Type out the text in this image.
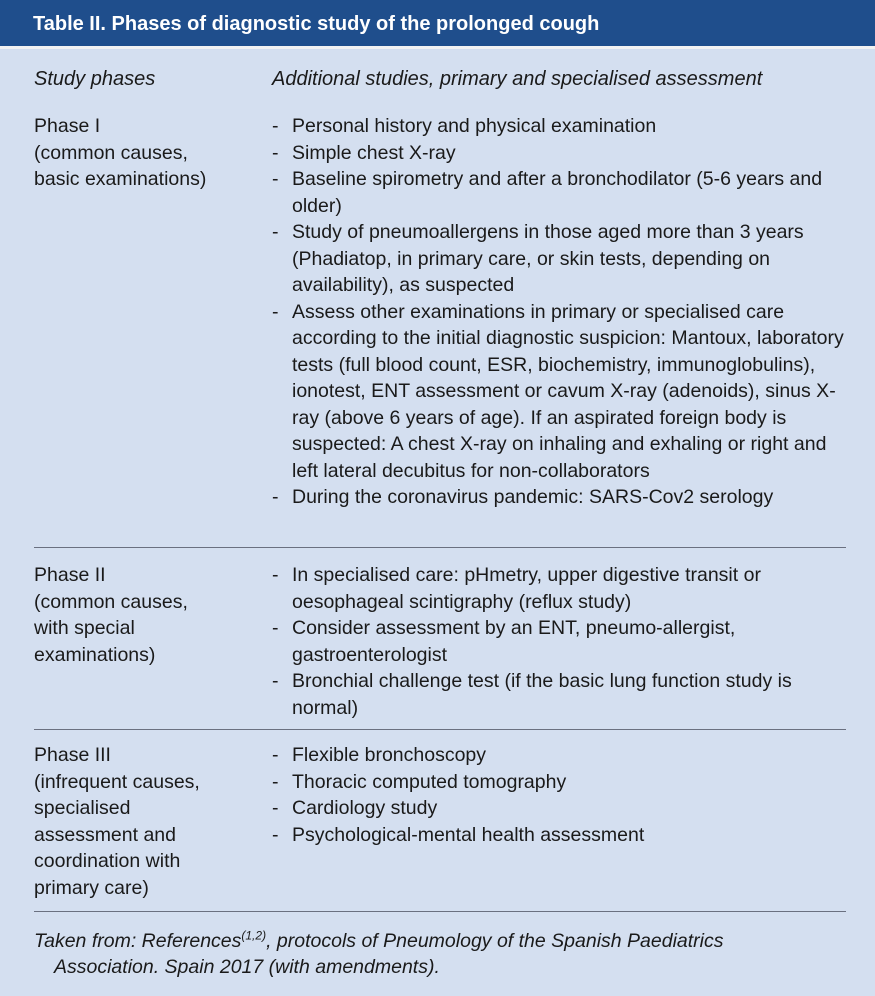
Table II. Phases of diagnostic study of the prolonged cough
Study phases	Additional studies, primary and specialised assessment
Phase I
(common causes,
basic examinations)
- Personal history and physical examination
- Simple chest X-ray
- Baseline spirometry and after a bronchodilator (5-6 years and older)
- Study of pneumoallergens in those aged more than 3 years (Phadiatop, in primary care, or skin tests, depending on availability), as suspected
- Assess other examinations in primary or specialised care according to the initial diagnostic suspicion: Mantoux, laboratory tests (full blood count, ESR, biochemistry, immunoglobulins), ionotest, ENT assessment or cavum X-ray (adenoids), sinus X-ray (above 6 years of age). If an aspirated foreign body is suspected: A chest X-ray on inhaling and exhaling or right and left lateral decubitus for non-collaborators
- During the coronavirus pandemic: SARS-Cov2 serology
Phase II
(common causes,
with special
examinations)
- In specialised care: pHmetry, upper digestive transit or oesophageal scintigraphy (reflux study)
- Consider assessment by an ENT, pneumo-allergist, gastroenterologist
- Bronchial challenge test (if the basic lung function study is normal)
Phase III
(infrequent causes,
specialised
assessment and
coordination with
primary care)
- Flexible bronchoscopy
- Thoracic computed tomography
- Cardiology study
- Psychological-mental health assessment
Taken from: References$^{(1,2)}$, protocols of Pneumology of the Spanish Paediatrics
Association. Spain 2017 (with amendments).
